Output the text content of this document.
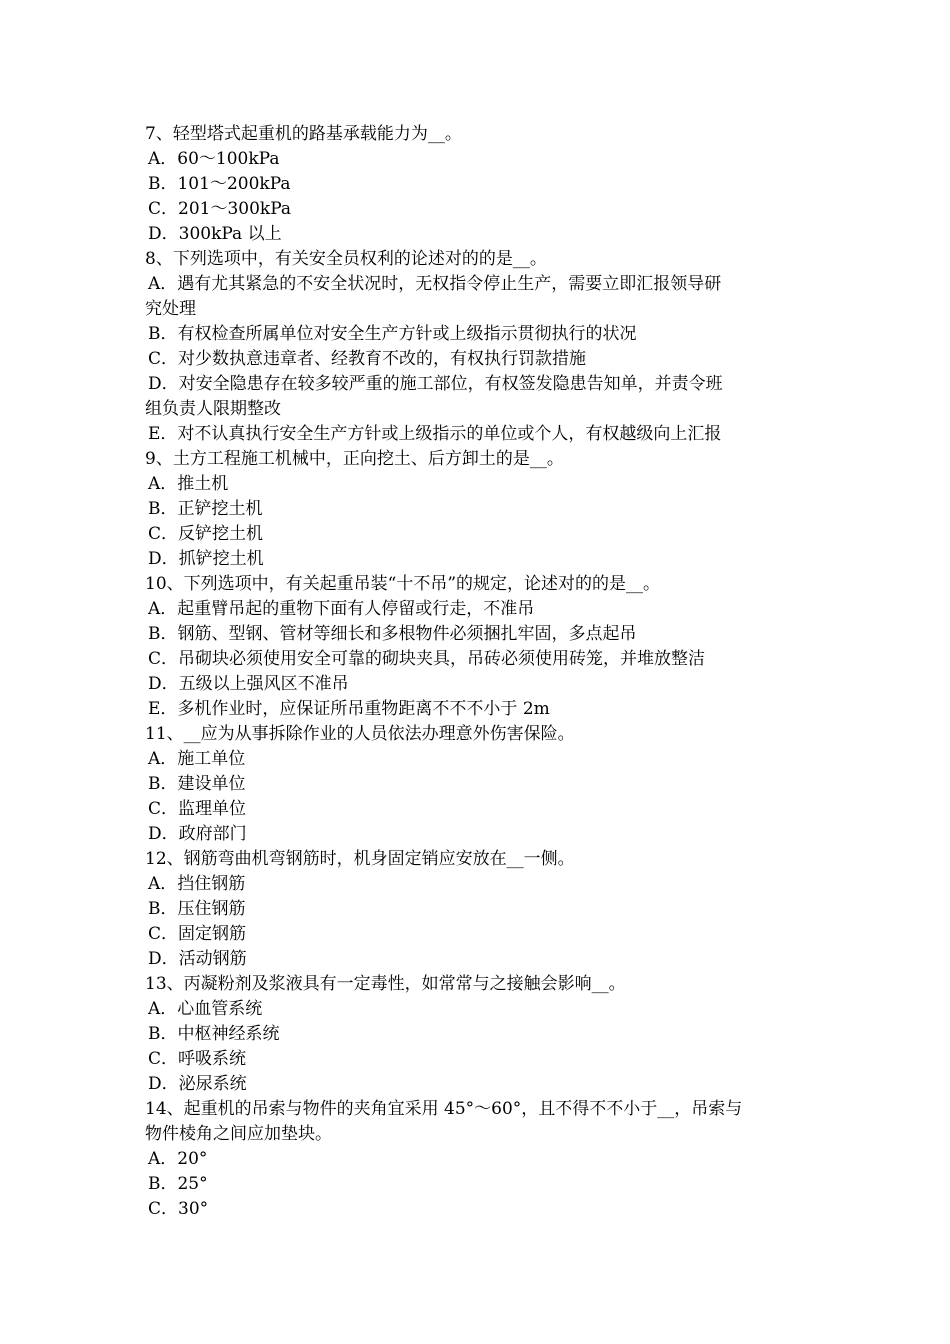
7、轻型塔式起重机的路基承载能力为__。
A．60～100kPa
B．101～200kPa
C．201～300kPa
D．300kPa 以上
8、下列选项中，有关安全员权利的论述对的的是__。
A．遇有尤其紧急的不安全状况时，无权指令停止生产，需要立即汇报领导研
究处理
B．有权检查所属单位对安全生产方针或上级指示贯彻执行的状况
C．对少数执意违章者、经教育不改的，有权执行罚款措施
D．对安全隐患存在较多较严重的施工部位，有权签发隐患告知单，并责令班
组负责人限期整改
E．对不认真执行安全生产方针或上级指示的单位或个人，有权越级向上汇报
9、土方工程施工机械中，正向挖土、后方卸土的是__。
A．推土机
B．正铲挖土机
C．反铲挖土机
D．抓铲挖土机
10、下列选项中，有关起重吊装“十不吊”的规定，论述对的的是__。
A．起重臂吊起的重物下面有人停留或行走，不准吊
B．钢筋、型钢、管材等细长和多根物件必须捆扎牢固，多点起吊
C．吊砌块必须使用安全可靠的砌块夹具，吊砖必须使用砖笼，并堆放整洁
D．五级以上强风区不准吊
E．多机作业时，应保证所吊重物距离不不不小于 2m
11、__应为从事拆除作业的人员依法办理意外伤害保险。
A．施工单位
B．建设单位
C．监理单位
D．政府部门
12、钢筋弯曲机弯钢筋时，机身固定销应安放在__一侧。
A．挡住钢筋
B．压住钢筋
C．固定钢筋
D．活动钢筋
13、丙凝粉剂及浆液具有一定毒性，如常常与之接触会影响__。
A．心血管系统
B．中枢神经系统
C．呼吸系统
D．泌尿系统
14、起重机的吊索与物件的夹角宜采用 45°～60°，且不得不不小于__，吊索与
物件棱角之间应加垫块。
A．20°
B．25°
C．30°
